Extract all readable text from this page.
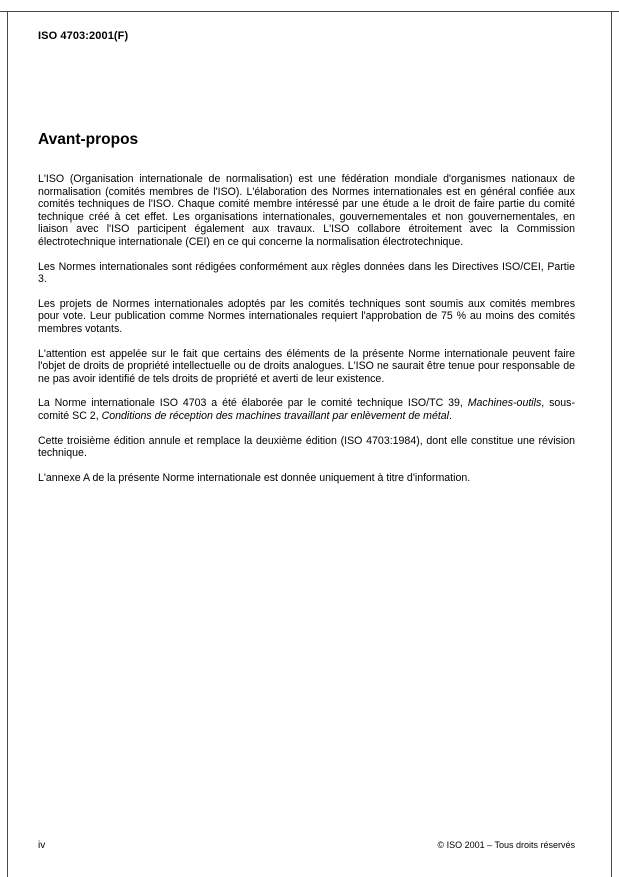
ISO 4703:2001(F)
Avant-propos

L'ISO (Organisation internationale de normalisation) est une fédération mondiale d'organismes nationaux de normalisation (comités membres de l'ISO). L'élaboration des Normes internationales est en général confiée aux comités techniques de l'ISO. Chaque comité membre intéressé par une étude a le droit de faire partie du comité technique créé à cet effet. Les organisations internationales, gouvernementales et non gouvernementales, en liaison avec l'ISO participent également aux travaux. L'ISO collabore étroitement avec la Commission électrotechnique internationale (CEI) en ce qui concerne la normalisation électrotechnique.

Les Normes internationales sont rédigées conformément aux règles données dans les Directives ISO/CEI, Partie 3.

Les projets de Normes internationales adoptés par les comités techniques sont soumis aux comités membres pour vote. Leur publication comme Normes internationales requiert l'approbation de 75 % au moins des comités membres votants.

L'attention est appelée sur le fait que certains des éléments de la présente Norme internationale peuvent faire l'objet de droits de propriété intellectuelle ou de droits analogues. L'ISO ne saurait être tenue pour responsable de ne pas avoir identifié de tels droits de propriété et averti de leur existence.

La Norme internationale ISO 4703 a été élaborée par le comité technique ISO/TC 39, Machines-outils, sous-comité SC 2, Conditions de réception des machines travaillant par enlèvement de métal.

Cette troisième édition annule et remplace la deuxième édition (ISO 4703:1984), dont elle constitue une révision technique.

L'annexe A de la présente Norme internationale est donnée uniquement à titre d'information.

iv	© ISO 2001 – Tous droits réservés
